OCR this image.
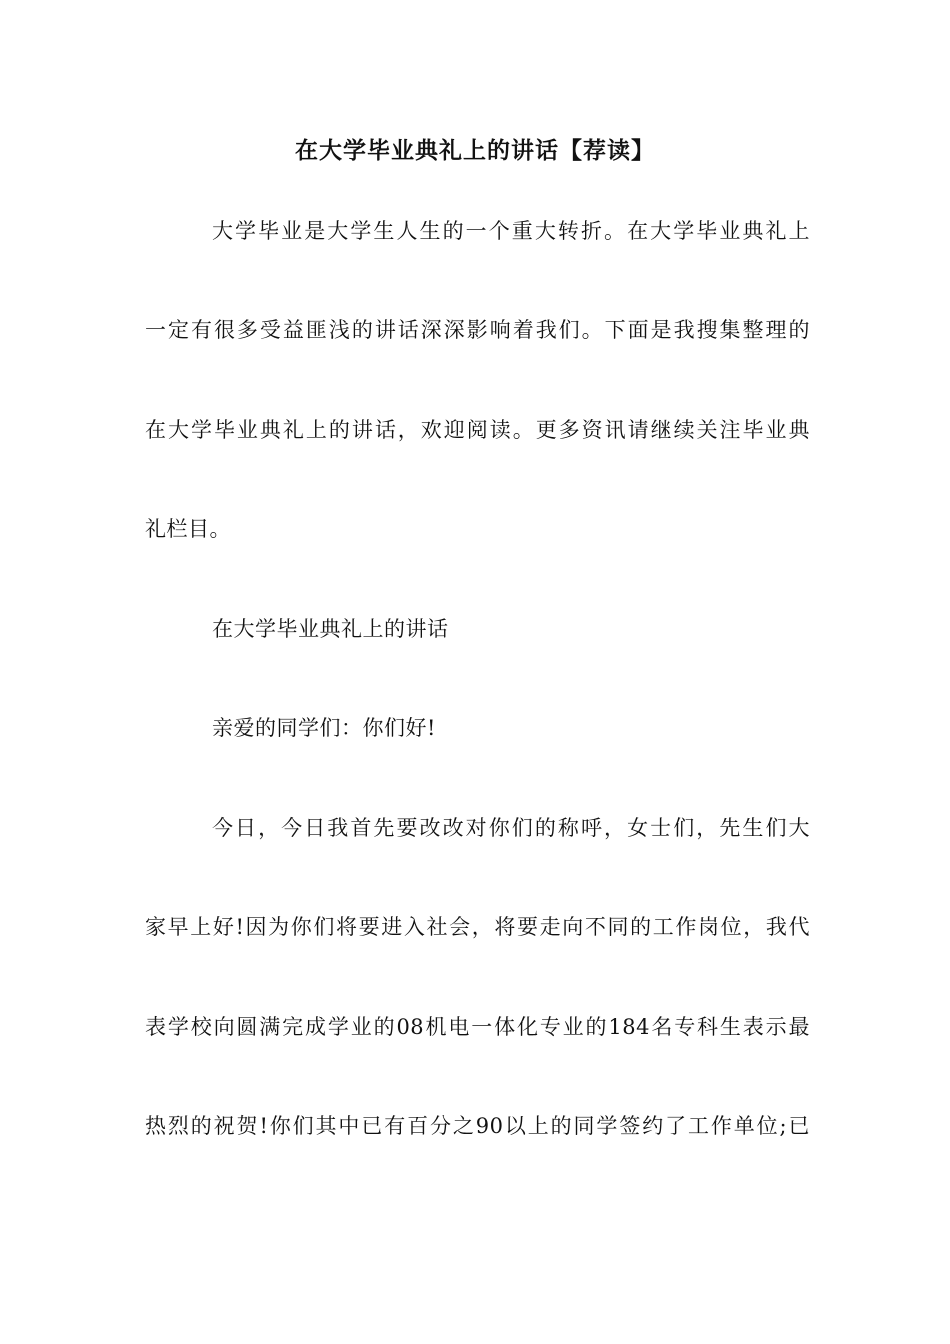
在大学毕业典礼上的讲话【荐读】
大学毕业是大学生人生的一个重大转折。在大学毕业典礼上
一定有很多受益匪浅的讲话深深影响着我们。下面是我搜集整理的
在大学毕业典礼上的讲话，欢迎阅读。更多资讯请继续关注毕业典
礼栏目。
在大学毕业典礼上的讲话
亲爱的同学们：你们好!
今日，今日我首先要改改对你们的称呼，女士们，先生们大
家早上好!因为你们将要进入社会，将要走向不同的工作岗位，我代
表学校向圆满完成学业的08机电一体化专业的184名专科生表示最
热烈的祝贺!你们其中已有百分之90以上的同学签约了工作单位;已
